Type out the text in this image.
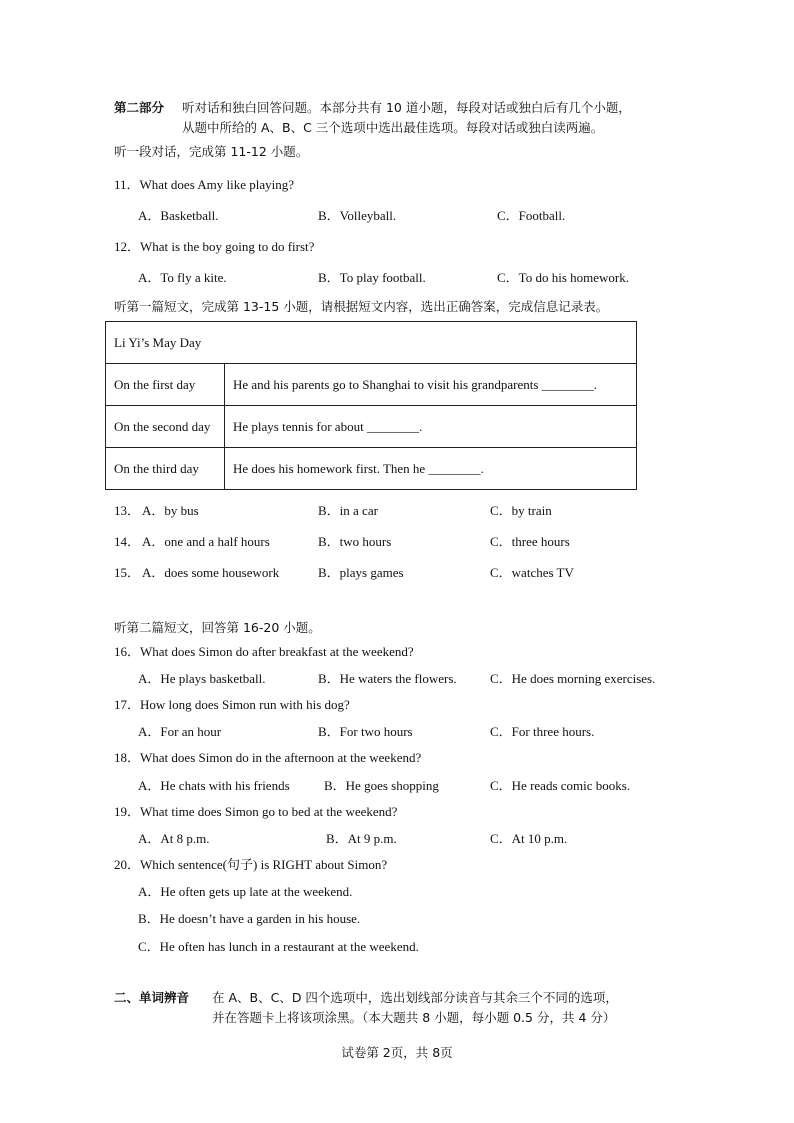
第二部分 听对话和独白回答问题。本部分共有 10 道小题，每段对话或独白后有几个小题，
从题中所给的 A、B、C 三个选项中选出最佳选项。每段对话或独白读两遍。
听一段对话，完成第 11-12 小题。
11．What does Amy like playing?
A．Basketball.	B．Volleyball.	C．Football.
12．What is the boy going to do first?
A．To fly a kite.	B．To play football.	C．To do his homework.
听第一篇短文，完成第 13-15 小题，请根据短文内容，选出正确答案，完成信息记录表。
Li Yi’s May Day	
On the first day	He and his parents go to Shanghai to visit his grandparents ________.
On the second day	He plays tennis for about ________.
On the third day	He does his homework first. Then he ________.
13． A．by bus	B．in a car	C．by train
14． A．one and a half hours	B．two hours	C．three hours
15． A．does some housework	B．plays games	C．watches TV
听第二篇短文，回答第 16-20 小题。
16．What does Simon do after breakfast at the weekend?
A．He plays basketball.	B．He waters the flowers.	C．He does morning exercises.
17．How long does Simon run with his dog?
A．For an hour	B．For two hours	C．For three hours.
18．What does Simon do in the afternoon at the weekend?
A．He chats with his friends	B．He goes shopping	C．He reads comic books.
19．What time does Simon go to bed at the weekend?
A．At 8 p.m.	B．At 9 p.m.	C．At 10 p.m.
20．Which sentence(句子) is RIGHT about Simon?
A．He often gets up late at the weekend.
B．He doesn’t have a garden in his house.
C．He often has lunch in a restaurant at the weekend.
二、单词辨音 在 A、B、C、D 四个选项中，选出划线部分读音与其余三个不同的选项，
并在答题卡上将该项涂黑。（本大题共 8 小题，每小题 0.5 分，共 4 分）
试卷第 2页，共 8页
